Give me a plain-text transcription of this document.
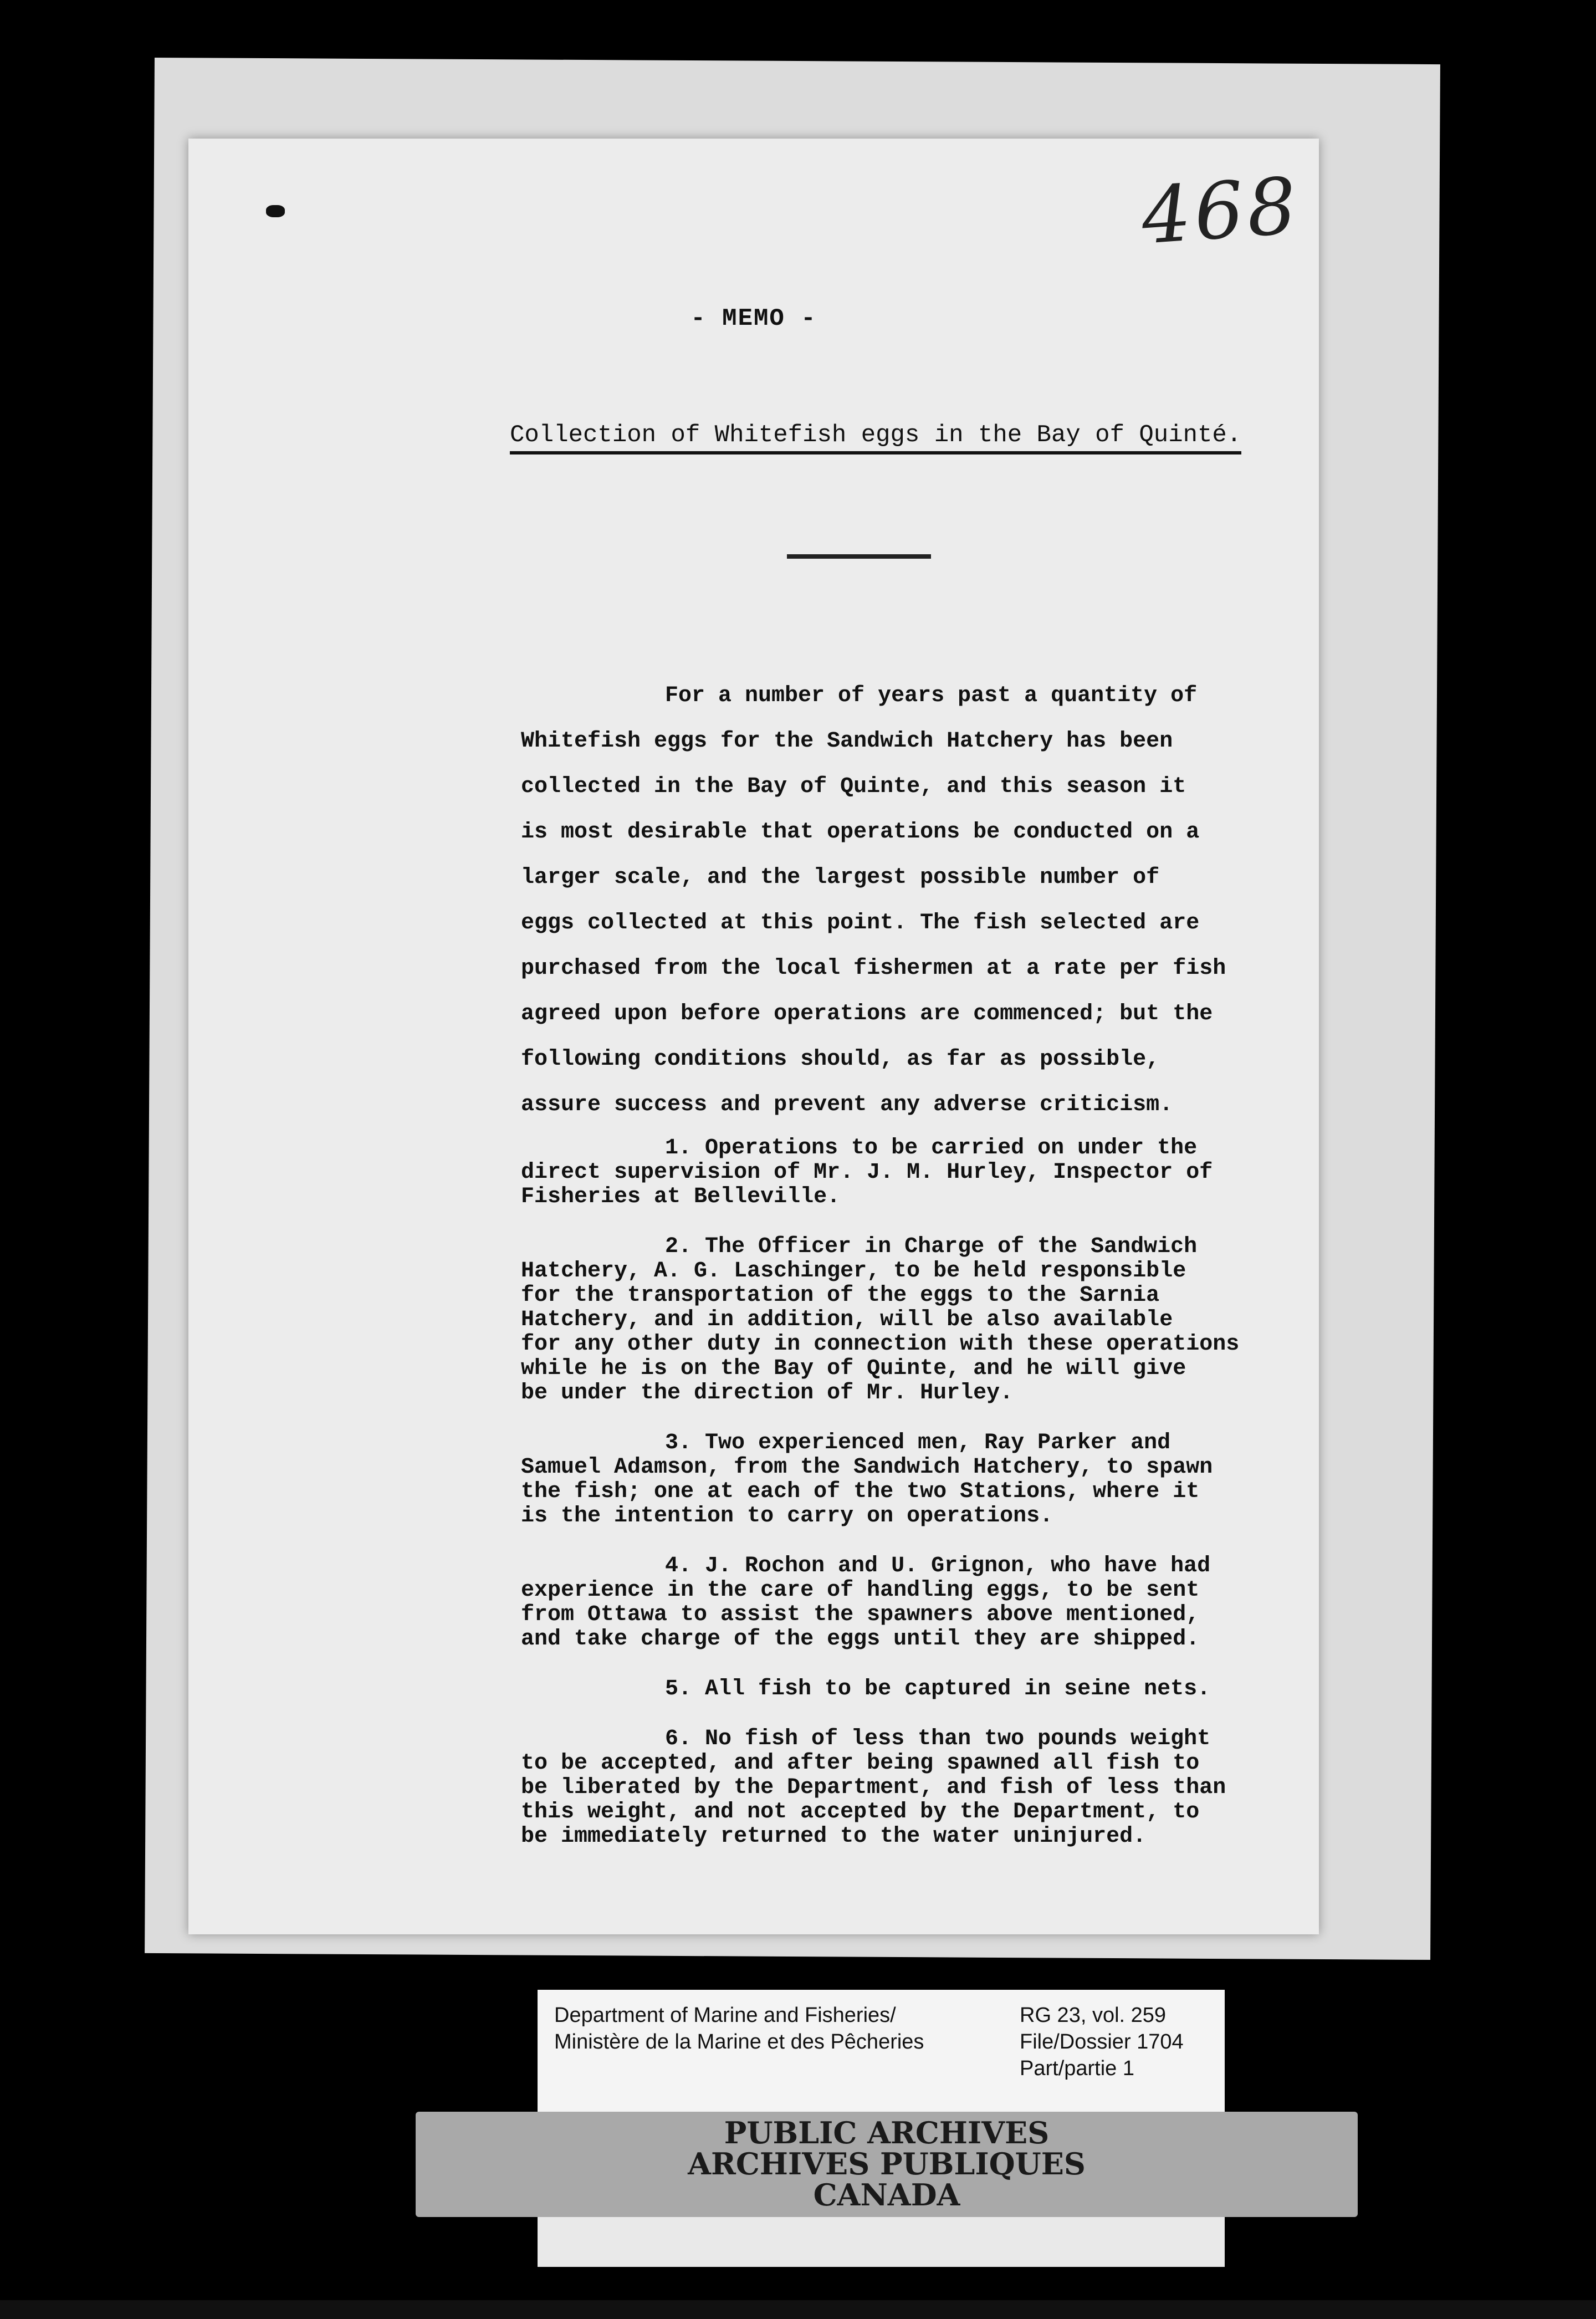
468
- MEMO -
Collection of Whitefish eggs in the Bay of Quinté.
For a number of years past a quantity of
Whitefish eggs for the Sandwich Hatchery has been
collected in the Bay of Quinte, and this season it
is most desirable that operations be conducted on a
larger scale, and the largest possible number of
eggs collected at this point. The fish selected are
purchased from the local fishermen at a rate per fish
agreed upon before operations are commenced; but the
following conditions should, as far as possible,
assure success and prevent any adverse criticism.
1. Operations to be carried on under the
direct supervision of Mr. J. M. Hurley, Inspector of
Fisheries at Belleville.
2. The Officer in Charge of the Sandwich
Hatchery, A. G. Laschinger, to be held responsible
for the transportation of the eggs to the Sarnia
Hatchery, and in addition, will be also available
for any other duty in connection with these operations
while he is on the Bay of Quinte, and he will give
be under the direction of Mr. Hurley.
3. Two experienced men, Ray Parker and
Samuel Adamson, from the Sandwich Hatchery, to spawn
the fish; one at each of the two Stations, where it
is the intention to carry on operations.
4. J. Rochon and U. Grignon, who have had
experience in the care of handling eggs, to be sent
from Ottawa to assist the spawners above mentioned,
and take charge of the eggs until they are shipped.
5. All fish to be captured in seine nets.
6. No fish of less than two pounds weight
to be accepted, and after being spawned all fish to
be liberated by the Department, and fish of less than
this weight, and not accepted by the Department, to
be immediately returned to the water uninjured.
Department of Marine and Fisheries/
Ministère de la Marine et des Pêcheries
RG 23, vol. 259
File/Dossier 1704
Part/partie 1
PUBLIC ARCHIVES
ARCHIVES PUBLIQUES
CANADA
